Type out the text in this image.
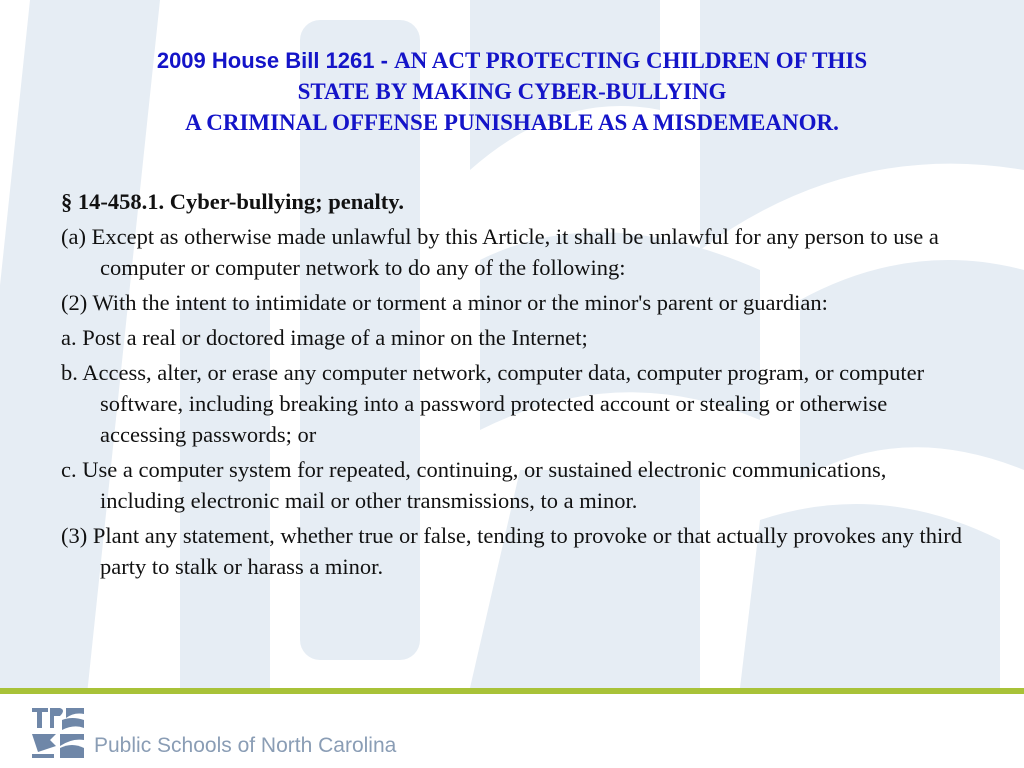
2009 House Bill 1261 - AN ACT PROTECTING CHILDREN OF THIS
STATE BY MAKING CYBER-BULLYING
A CRIMINAL OFFENSE PUNISHABLE AS A MISDEMEANOR.

§ 14-458.1. Cyber-bullying; penalty.

(a) Except as otherwise made unlawful by this Article, it shall be unlawful for any person to use a computer or computer network to do any of the following:

(2) With the intent to intimidate or torment a minor or the minor's parent or guardian:

a. Post a real or doctored image of a minor on the Internet;

b. Access, alter, or erase any computer network, computer data, computer program, or computer software, including breaking into a password protected account or stealing or otherwise accessing passwords; or

c. Use a computer system for repeated, continuing, or sustained electronic communications, including electronic mail or other transmissions, to a minor.

(3) Plant any statement, whether true or false, tending to provoke or that actually provokes any third party to stalk or harass a minor.

Public Schools of North Carolina
